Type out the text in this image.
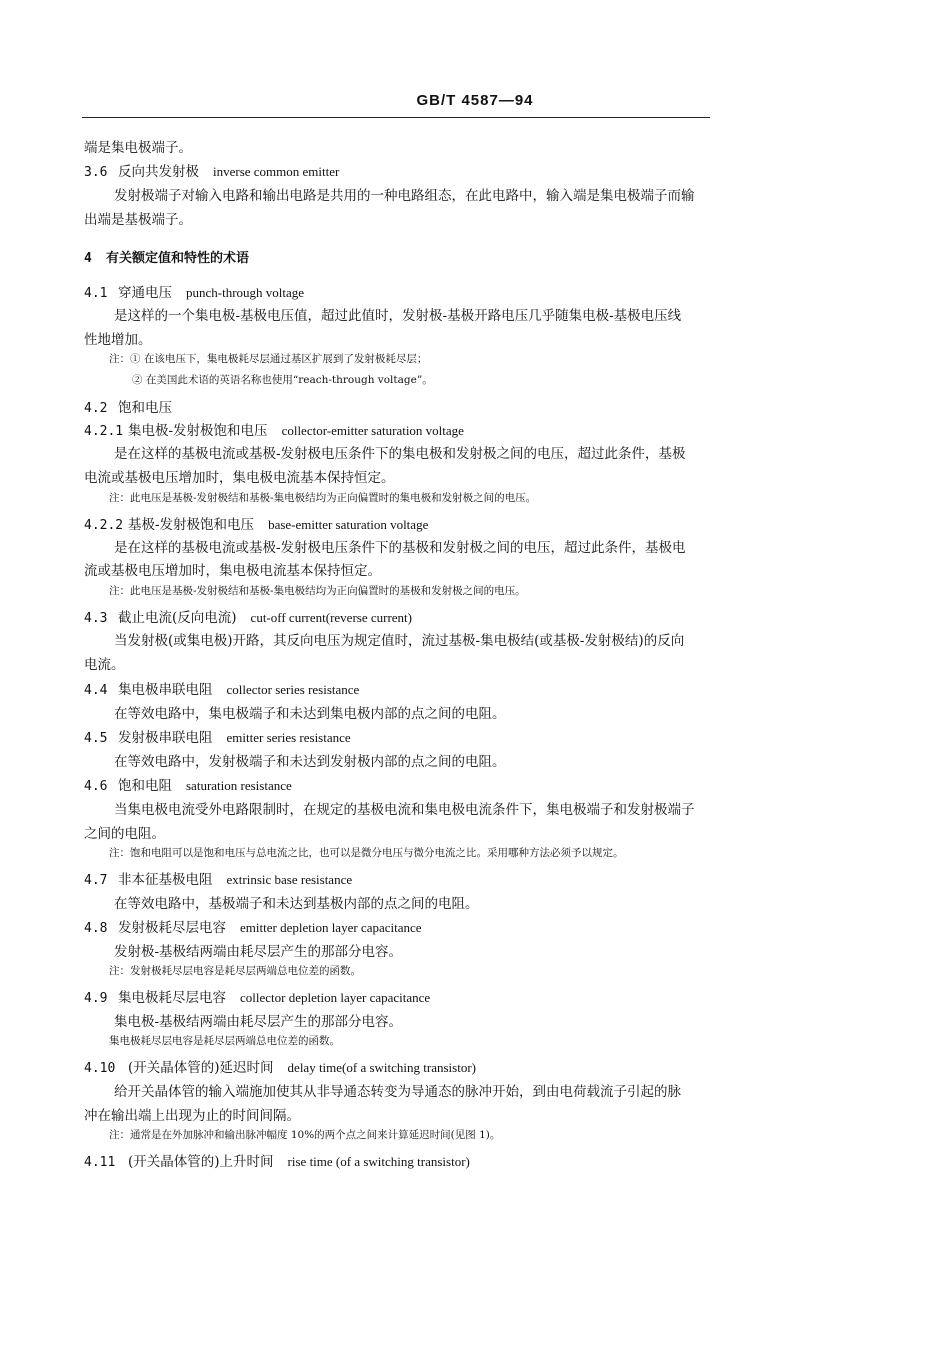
GB/T 4587—94
端是集电极端子。
3.6 反向共发射极 inverse common emitter
发射极端子对输入电路和输出电路是共用的一种电路组态，在此电路中，输入端是集电极端子而输
出端是基极端子。
4 有关额定值和特性的术语
4.1 穿通电压 punch-through voltage
是这样的一个集电极-基极电压值，超过此值时，发射极-基极开路电压几乎随集电极-基极电压线
性地增加。
注：① 在该电压下，集电极耗尽层通过基区扩展到了发射极耗尽层；
② 在美国此术语的英语名称也使用“reach-through voltage”。
4.2 饱和电压
4.2.1 集电极-发射极饱和电压 collector-emitter saturation voltage
是在这样的基极电流或基极-发射极电压条件下的集电极和发射极之间的电压，超过此条件，基极
电流或基极电压增加时，集电极电流基本保持恒定。
注：此电压是基极-发射极结和基极-集电极结均为正向偏置时的集电极和发射极之间的电压。
4.2.2 基极-发射极饱和电压 base-emitter saturation voltage
是在这样的基极电流或基极-发射极电压条件下的基极和发射极之间的电压，超过此条件，基极电
流或基极电压增加时，集电极电流基本保持恒定。
注：此电压是基极-发射极结和基极-集电极结均为正向偏置时的基极和发射极之间的电压。
4.3 截止电流(反向电流) cut-off current(reverse current)
当发射极(或集电极)开路，其反向电压为规定值时，流过基极-集电极结(或基极-发射极结)的反向
电流。
4.4 集电极串联电阻 collector series resistance
在等效电路中，集电极端子和未达到集电极内部的点之间的电阻。
4.5 发射极串联电阻 emitter series resistance
在等效电路中，发射极端子和未达到发射极内部的点之间的电阻。
4.6 饱和电阻 saturation resistance
当集电极电流受外电路限制时，在规定的基极电流和集电极电流条件下，集电极端子和发射极端子
之间的电阻。
注：饱和电阻可以是饱和电压与总电流之比，也可以是微分电压与微分电流之比。采用哪种方法必须予以规定。
4.7 非本征基极电阻 extrinsic base resistance
在等效电路中，基极端子和未达到基极内部的点之间的电阻。
4.8 发射极耗尽层电容 emitter depletion layer capacitance
发射极-基极结两端由耗尽层产生的那部分电容。
注：发射极耗尽层电容是耗尽层两端总电位差的函数。
4.9 集电极耗尽层电容 collector depletion layer capacitance
集电极-基极结两端由耗尽层产生的那部分电容。
集电极耗尽层电容是耗尽层两端总电位差的函数。
4.10 (开关晶体管的)延迟时间 delay time(of a switching transistor)
给开关晶体管的输入端施加使其从非导通态转变为导通态的脉冲开始，到由电荷载流子引起的脉
冲在输出端上出现为止的时间间隔。
注：通常是在外加脉冲和输出脉冲幅度 10%的两个点之间来计算延迟时间(见图 1)。
4.11 (开关晶体管的)上升时间 rise time (of a switching transistor)
